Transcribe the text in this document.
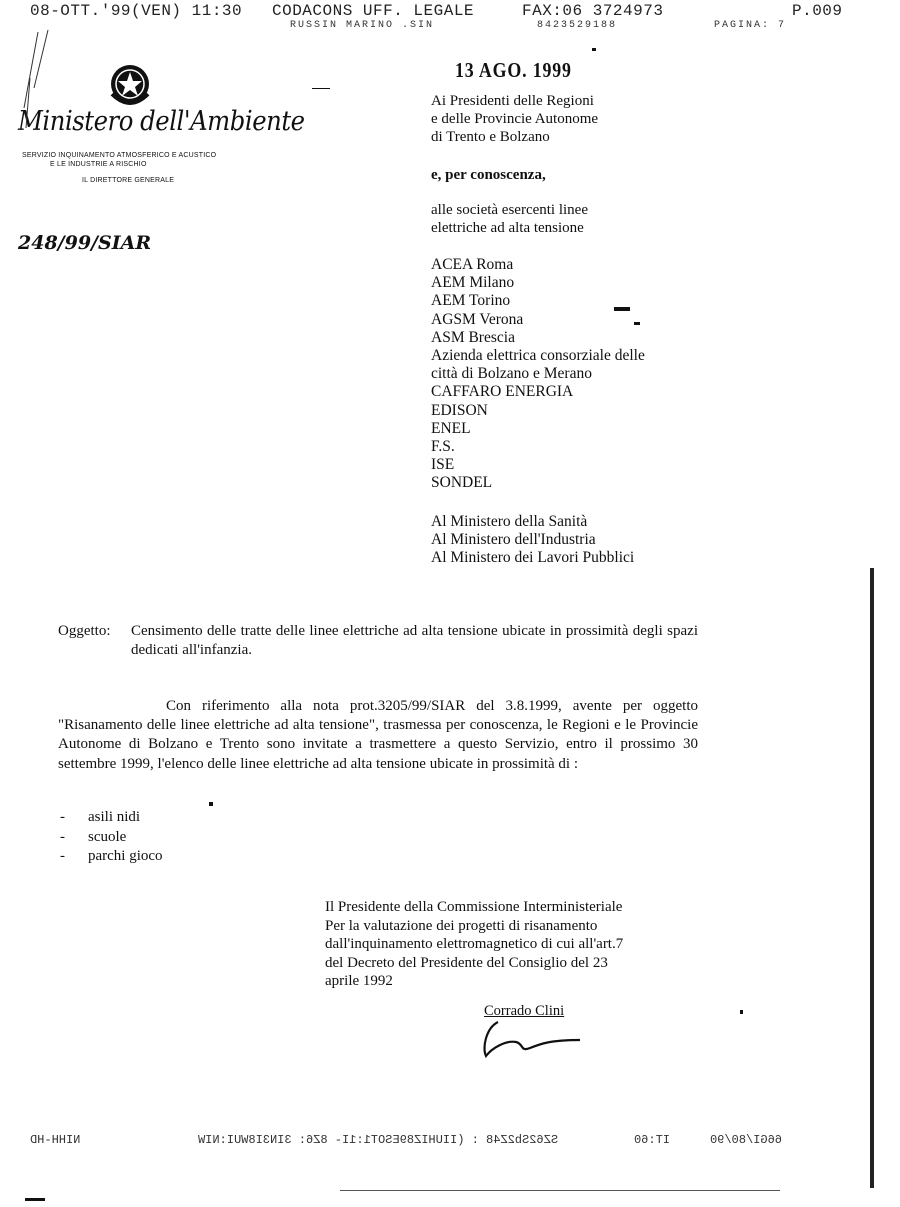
08-OTT.'99(VEN) 11:30 CODACONS UFF. LEGALE	FAX:06 3724973	P.009
RUSSIN MARINO .SIN	8423529188	PAGINA: 7
Ministero dell'Ambiente
SERVIZIO INQUINAMENTO ATMOSFERICO E ACUSTICO
E LE INDUSTRIE A RISCHIO
IL DIRETTORE GENERALE
248/99/SIAR
13 AGO. 1999
Ai Presidenti delle Regioni
e delle Provincie Autonome
di Trento e Bolzano
e, per conoscenza,
alle società esercenti linee
elettriche ad alta tensione
ACEA Roma
AEM Milano
AEM Torino
AGSM Verona
ASM Brescia
Azienda elettrica consorziale delle
città di Bolzano e Merano
CAFFARO ENERGIA
EDISON
ENEL
F.S.
ISE
SONDEL
Al Ministero della Sanità
Al Ministero dell'Industria
Al Ministero dei Lavori Pubblici
Oggetto: Censimento delle tratte delle linee elettriche ad alta tensione ubicate in prossimità degli spazi dedicati all'infanzia.
Con riferimento alla nota prot.3205/99/SIAR del 3.8.1999, avente per oggetto "Risanamento delle linee elettriche ad alta tensione", trasmessa per conoscenza, le Regioni e le Provincie Autonome di Bolzano e Trento sono invitate a trasmettere a questo Servizio, entro il prossimo 30 settembre 1999, l'elenco delle linee elettriche ad alta tensione ubicate in prossimità di :
- asili nidi
- scuole
- parchi gioco
Il Presidente della Commissione Interministeriale
Per la valutazione dei progetti di risanamento
dall'inquinamento elettromagnetico di cui all'art.7
del Decreto del Presidente del Consiglio del 23
aprile 1992
Corrado Clini
NIHH-HD	SZ62Sb2Z48 : (IIUHIZ89ESOT1:1I- 8Z6: 3IN3I8WUI:NIW	IT:60	66GI/80/90
